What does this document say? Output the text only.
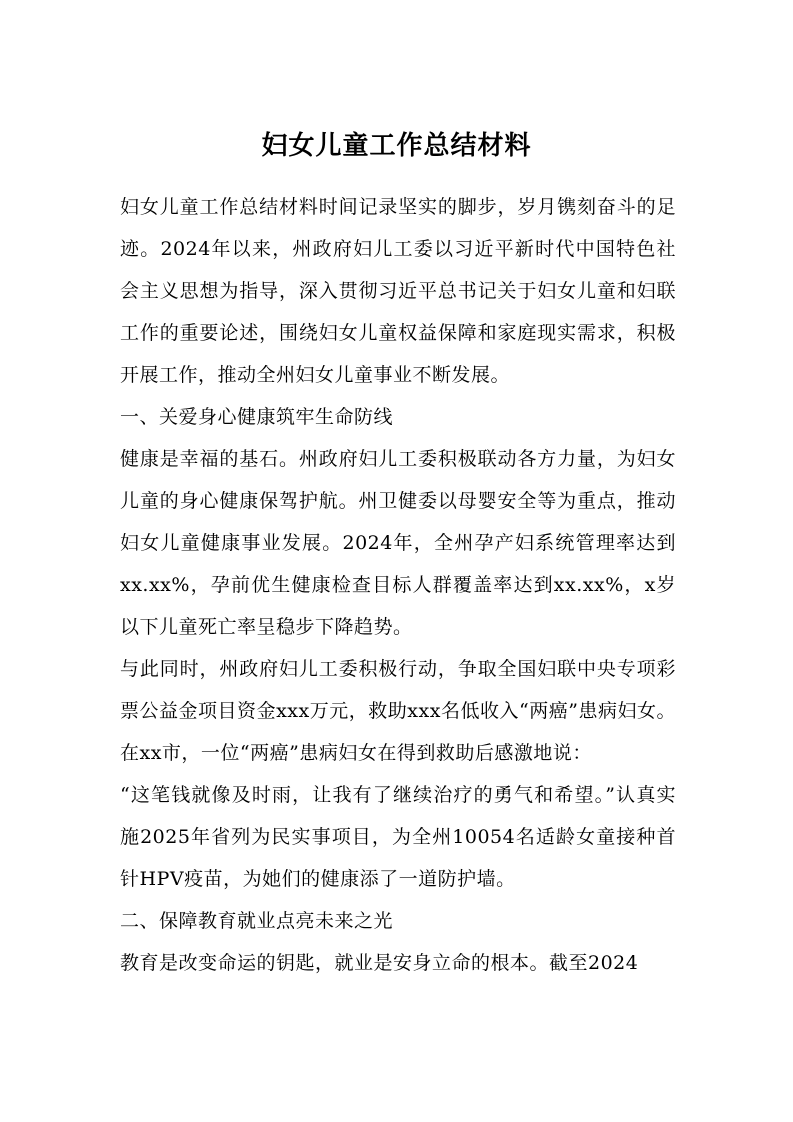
妇女儿童工作总结材料

妇女儿童工作总结材料时间记录坚实的脚步，岁月镌刻奋斗的足迹。2024年以来，州政府妇儿工委以习近平新时代中国特色社会主义思想为指导，深入贯彻习近平总书记关于妇女儿童和妇联工作的重要论述，围绕妇女儿童权益保障和家庭现实需求，积极开展工作，推动全州妇女儿童事业不断发展。

一、关爱身心健康筑牢生命防线

健康是幸福的基石。州政府妇儿工委积极联动各方力量，为妇女儿童的身心健康保驾护航。州卫健委以母婴安全等为重点，推动妇女儿童健康事业发展。2024年，全州孕产妇系统管理率达到xx.xx%，孕前优生健康检查目标人群覆盖率达到xx.xx%，x岁以下儿童死亡率呈稳步下降趋势。

与此同时，州政府妇儿工委积极行动，争取全国妇联中央专项彩票公益金项目资金xxx万元，救助xxx名低收入“两癌”患病妇女。在xx市，一位“两癌”患病妇女在得到救助后感激地说：

“这笔钱就像及时雨，让我有了继续治疗的勇气和希望。”认真实施2025年省列为民实事项目，为全州10054名适龄女童接种首针HPV疫苗，为她们的健康添了一道防护墙。

二、保障教育就业点亮未来之光

教育是改变命运的钥匙，就业是安身立命的根本。截至2024
